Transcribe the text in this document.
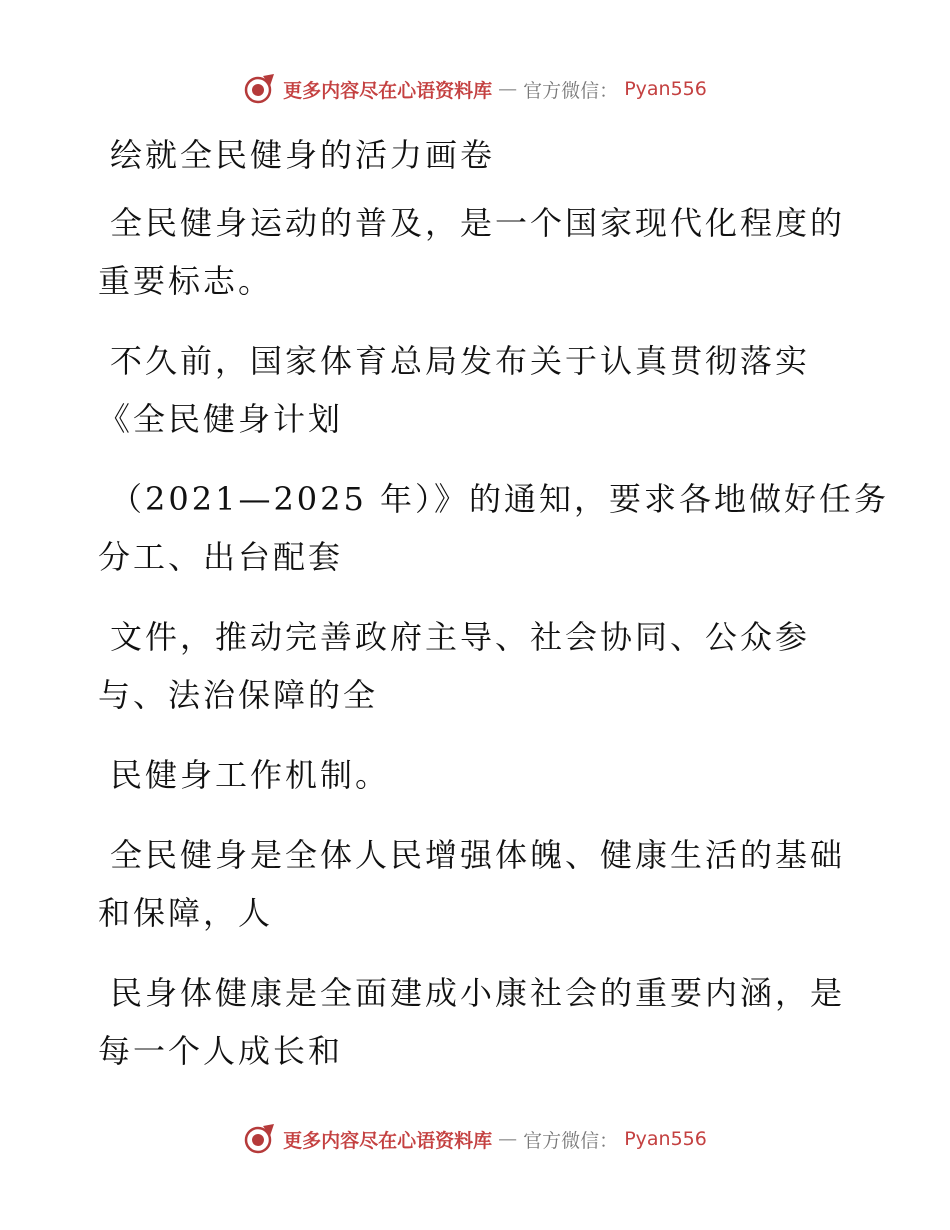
更多内容尽在心语资料库 — 官方微信： Pyan556
绘就全民健身的活力画卷
全民健身运动的普及，是一个国家现代化程度的
重要标志。
不久前，国家体育总局发布关于认真贯彻落实
《全民健身计划
（2021—2025 年）》的通知，要求各地做好任务
分工、出台配套
文件，推动完善政府主导、社会协同、公众参
与、法治保障的全
民健身工作机制。
全民健身是全体人民增强体魄、健康生活的基础
和保障，人
民身体健康是全面建成小康社会的重要内涵，是
每一个人成长和
更多内容尽在心语资料库 — 官方微信： Pyan556
